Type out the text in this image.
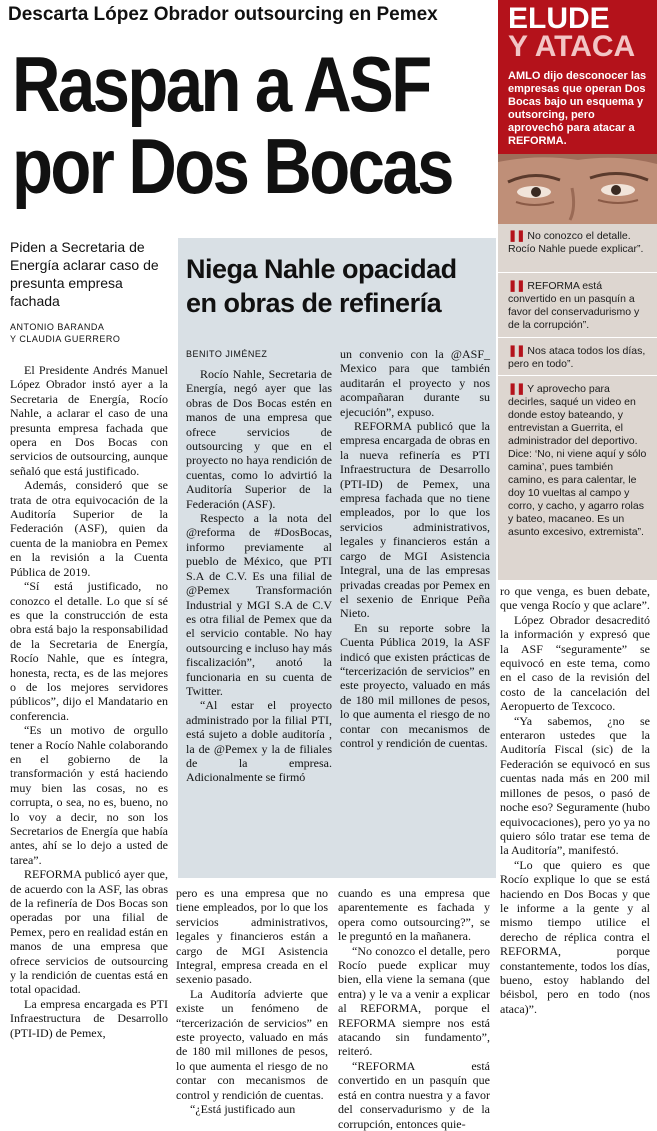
Descarta López Obrador outsourcing en Pemex
Raspan a ASF
por Dos Bocas
Piden a Secretaria de Energía aclarar caso de presunta empresa fachada
ANTONIO BARANDA
Y CLAUDIA GUERRERO

El Presidente Andrés Manuel López Obrador instó ayer a la Secretaria de Energía, Rocío Nahle, a aclarar el caso de una presunta empresa fachada que opera en Dos Bocas con servicios de outsourcing, aunque señaló que está justificado.

Además, consideró que se trata de otra equivocación de la Auditoría Superior de la Federación (ASF), quien da cuenta de la maniobra en Pemex en la revisión a la Cuenta Pública de 2019.

“Sí está justificado, no conozco el detalle. Lo que sí sé es que la construcción de esta obra está bajo la responsabilidad de la Secretaria de Energía, Rocío Nahle, que es íntegra, honesta, recta, es de las mejores o de los mejores servidores públicos”, dijo el Mandatario en conferencia.

“Es un motivo de orgullo tener a Rocío Nahle colaborando en el gobierno de la transformación y está haciendo muy bien las cosas, no es corrupta, o sea, no es, bueno, no lo voy a decir, no son los Secretarios de Energía que había antes, ahí se lo dejo a usted de tarea”.

REFORMA publicó ayer que, de acuerdo con la ASF, las obras de la refinería de Dos Bocas son operadas por una filial de Pemex, pero en realidad están en manos de una empresa que ofrece servicios de outsourcing y la rendición de cuentas está en total opacidad.

La empresa encargada es PTI Infraestructura de Desarrollo (PTI-ID) de Pemex,

Niega Nahle opacidad en obras de refinería
BENITO JIMÉNEZ

Rocío Nahle, Secretaria de Energía, negó ayer que las obras de Dos Bocas estén en manos de una empresa que ofrece servicios de outsourcing y que en el proyecto no haya rendición de cuentas, como lo advirtió la Auditoría Superior de la Federación (ASF).

Respecto a la nota del @reforma de #DosBocas, informo previamente al pueblo de México, que PTI S.A de C.V. Es una filial de @Pemex Transformación Industrial y MGI S.A de C.V es otra filial de Pemex que da el servicio contable. No hay outsourcing e incluso hay más fiscalización”, anotó la funcionaria en su cuenta de Twitter.

“Al estar el proyecto administrado por la filial PTI, está sujeto a doble auditoría , la de @Pemex y la de filiales de la empresa. Adicionalmente se firmó

un convenio con la @ASF_ Mexico para que también auditarán el proyecto y nos acompañaran durante su ejecución”, expuso.

REFORMA publicó que la empresa encargada de obras en la nueva refinería es PTI Infraestructura de Desarrollo (PTI-ID) de Pemex, una empresa fachada que no tiene empleados, por lo que los servicios administrativos, legales y financieros están a cargo de MGI Asistencia Integral, una de las empresas privadas creadas por Pemex en el sexenio de Enrique Peña Nieto.

En su reporte sobre la Cuenta Pública 2019, la ASF indicó que existen prácticas de “tercerización de servicios” en este proyecto, valuado en más de 180 mil millones de pesos, lo que aumenta el riesgo de no contar con mecanismos de control y rendición de cuentas.

pero es una empresa que no tiene empleados, por lo que los servicios administrativos, legales y financieros están a cargo de MGI Asistencia Integral, empresa creada en el sexenio pasado.

La Auditoría advierte que existe un fenómeno de “tercerización de servicios” en este proyecto, valuado en más de 180 mil millones de pesos, lo que aumenta el riesgo de no contar con mecanismos de control y rendición de cuentas.

“¿Está justificado aun

cuando es una empresa que aparentemente es fachada y opera como outsourcing?”, se le preguntó en la mañanera.

“No conozco el detalle, pero Rocío puede explicar muy bien, ella viene la semana (que entra) y le va a venir a explicar al REFORMA, porque el REFORMA siempre nos está atacando sin fundamento”, reiteró.

“REFORMA está convertido en un pasquín que está en contra nuestra y a favor del conservadurismo y de la corrupción, entonces quie-

ro que venga, es buen debate, que venga Rocío y que aclare”.

López Obrador desacreditó la información y expresó que la ASF “seguramente” se equivocó en este tema, como en el caso de la revisión del costo de la cancelación del Aeropuerto de Texcoco.

“Ya sabemos, ¿no se enteraron ustedes que la Auditoría Fiscal (sic) de la Federación se equivocó en sus cuentas nada más en 200 mil millones de pesos, o pasó de noche eso? Seguramente (hubo equivocaciones), pero yo ya no quiero sólo tratar ese tema de la Auditoría”, manifestó.

“Lo que quiero es que Rocío explique lo que se está haciendo en Dos Bocas y que le informe a la gente y al mismo tiempo utilice el derecho de réplica contra el REFORMA, porque constantemente, todos los días, bueno, estoy hablando del béisbol, pero en todo (nos ataca)”.

ELUDE
Y ATACA
AMLO dijo desconocer las empresas que operan Dos Bocas bajo un esquema y outsorcing, pero aprovechó para atacar a REFORMA.
❚❚ No conozco el detalle. Rocío Nahle puede explicar”.
❚❚ REFORMA está convertido en un pasquín a favor del conservadurismo y de la corrupción”.
❚❚ Nos ataca todos los días, pero en todo”.
❚❚ Y aprovecho para decirles, saqué un video en donde estoy bateando, y entrevistan a Guerrita, el administrador del deportivo. Dice: ‘No, ni viene aquí y sólo camina’, pues también camino, es para calentar, le doy 10 vueltas al campo y corro, y cacho, y agarro rolas y bateo, macaneo. Es un asunto excesivo, extremista”.
